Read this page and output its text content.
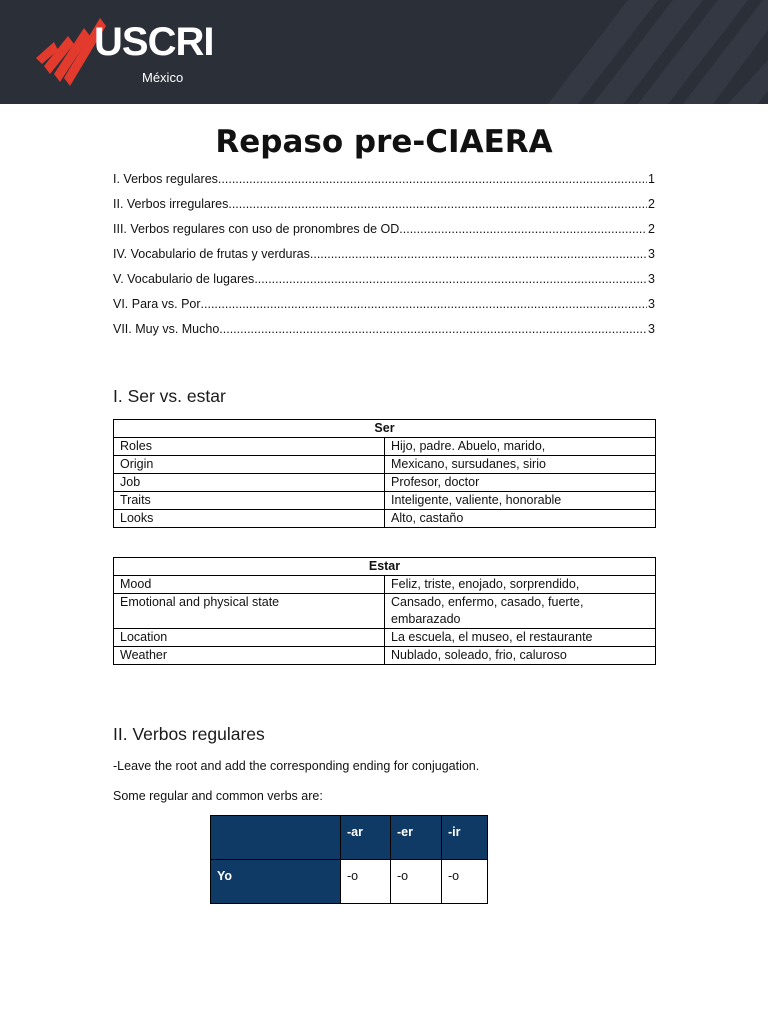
USCRI
México
Repaso pre-CIAERA
I. Verbos regulares .....	1
II. Verbos irregulares .....	2
III. Verbos regulares con uso de pronombres de OD .....	2
IV. Vocabulario de frutas y verduras .....	3
V. Vocabulario de lugares .....	3
VI. Para vs. Por .....	3
VII. Muy vs. Mucho .....	3
I. Ser vs. estar
Ser	
Roles	Hijo, padre. Abuelo, marido,
Origin	Mexicano, sursudanes, sirio
Job	Profesor, doctor
Traits	Inteligente, valiente, honorable
Looks	Alto, castaño
Estar	
Mood	Feliz, triste, enojado, sorprendido,
Emotional and physical state	Cansado, enfermo, casado, fuerte, embarazado
Location	La escuela, el museo, el restaurante
Weather	Nublado, soleado, frio, caluroso
II. Verbos regulares
-Leave the root and add the corresponding ending for conjugation.
Some regular and common verbs are:
	-ar	-er	-ir
Yo	-o	-o	-o
